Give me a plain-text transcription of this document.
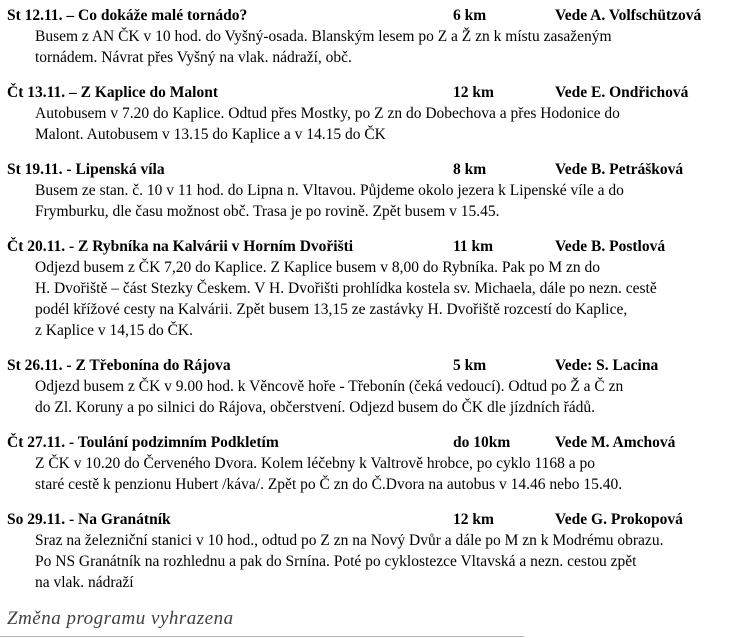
St 12.11. – Co dokáže malé tornádo?	6 km	Vede A. Volfschützová
Busem z AN ČK v 10 hod. do Vyšný-osada. Blanským lesem po Z a Ž zn k místu zasaženým
tornádem. Návrat přes Vyšný na vlak. nádraží, obč.
Čt 13.11. – Z Kaplice do Malont	12 km	Vede E. Ondřichová
Autobusem v 7.20 do Kaplice. Odtud přes Mostky, po Z zn do Dobechova a přes Hodonice do
Malont. Autobusem v 13.15 do Kaplice a v 14.15 do ČK
St 19.11. - Lipenská víla	8 km	Vede B. Petrášková
Busem ze stan. č. 10 v 11 hod. do Lipna n. Vltavou. Půjdeme okolo jezera k Lipenské víle a do
Frymburku, dle času možnost obč. Trasa je po rovině. Zpět busem v 15.45.
Čt 20.11. - Z Rybníka na Kalvárii v Horním Dvořišti	11 km	Vede B. Postlová
Odjezd busem z ČK 7,20 do Kaplice. Z Kaplice busem v 8,00 do Rybníka. Pak po M zn do
H. Dvořiště – část Stezky Českem. V H. Dvořišti prohlídka kostela sv. Michaela, dále po nezn. cestě
podél křížové cesty na Kalvárii. Zpět busem 13,15 ze zastávky H. Dvořiště rozcestí do Kaplice,
z Kaplice v 14,15 do ČK.
St 26.11. - Z Třebonína do Rájova	5 km	Vede: S. Lacina
Odjezd busem z ČK v 9.00 hod. k Věncově hoře - Třebonín (čeká vedoucí). Odtud po Ž a Č zn
do Zl. Koruny a po silnici do Rájova, občerstvení. Odjezd busem do ČK dle jízdních řádů.
Čt 27.11. - Toulání podzimním Podkletím	do 10km	Vede M. Amchová
Z ČK v 10.20 do Červeného Dvora. Kolem léčebny k Valtrově hrobce, po cyklo 1168 a po
staré cestě k penzionu Hubert /káva/. Zpět po Č zn do Č.Dvora na autobus v 14.46 nebo 15.40.
So 29.11. - Na Granátník	12 km	Vede G. Prokopová
Sraz na železniční stanici v 10 hod., odtud po Z zn na Nový Dvůr a dále po M zn k Modrému obrazu.
Po NS Granátník na rozhlednu a pak do Srnína. Poté po cyklostezce Vltavská a nezn. cestou zpět
na vlak. nádraží
Změna programu vyhrazena
